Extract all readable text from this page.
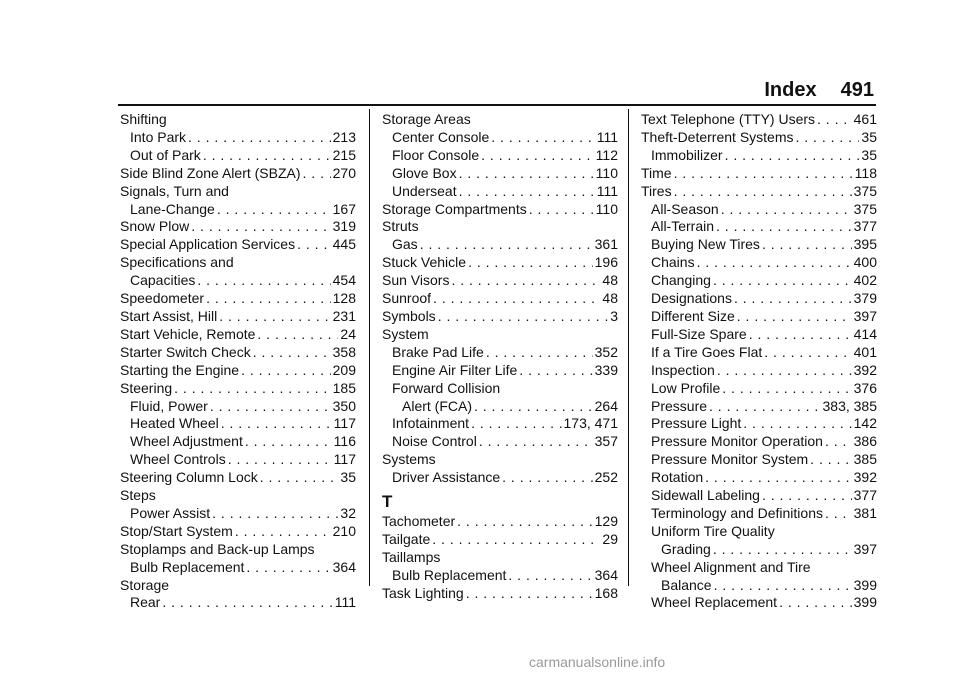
Index 491
Shifting
Into Park . . .	213
Out of Park . . .	215
Side Blind Zone Alert (SBZA) . . . 270
Signals, Turn and
Lane-Change . . .	167
Snow Plow . . .	319
Special Application Services . . .	445
Specifications and
Capacities . . .	454
Speedometer . . .	128
Start Assist, Hill . . .	231
Start Vehicle, Remote . . .	24
Starter Switch Check . . .	358
Starting the Engine . . .	209
Steering . . .	185
Fluid, Power . . .	350
Heated Wheel . . .	117
Wheel Adjustment . . .	116
Wheel Controls . . .	117
Steering Column Lock . . .	35
Steps
Power Assist . . .	32
Stop/Start System . . .	210
Stoplamps and Back-up Lamps
Bulb Replacement . . .	364
Storage
Rear . . .	111
Storage Areas
Center Console . . .	111
Floor Console . . .	112
Glove Box . . .	110
Underseat . . .	111
Storage Compartments . . .	110
Struts
Gas . . .	361
Stuck Vehicle . . .	196
Sun Visors . . .	48
Sunroof . . .	48
Symbols . . .	3
System
Brake Pad Life . . .	352
Engine Air Filter Life . . .	339
Forward Collision
Alert (FCA) . . .	264
Infotainment . . .	173, 471
Noise Control . . .	357
Systems
Driver Assistance . . .	252
T
Tachometer . . .	129
Tailgate . . .	29
Taillamps
Bulb Replacement . . .	364
Task Lighting . . .	168
Text Telephone (TTY) Users . . .	461
Theft-Deterrent Systems . . .	35
Immobilizer . . .	35
Time . . .	118
Tires . . .	375
All-Season . . .	375
All-Terrain . . .	377
Buying New Tires . . .	395
Chains . . .	400
Changing . . .	402
Designations . . .	379
Different Size . . .	397
Full-Size Spare . . .	414
If a Tire Goes Flat . . .	401
Inspection . . .	392
Low Profile . . .	376
Pressure . . .	383, 385
Pressure Light . . .	142
Pressure Monitor Operation . . . 386
Pressure Monitor System . . .	385
Rotation . . .	392
Sidewall Labeling . . .	377
Terminology and Definitions . . . 381
Uniform Tire Quality
Grading . . .	397
Wheel Alignment and Tire
Balance . . .	399
Wheel Replacement . . .	399
carmanualsonline.info
